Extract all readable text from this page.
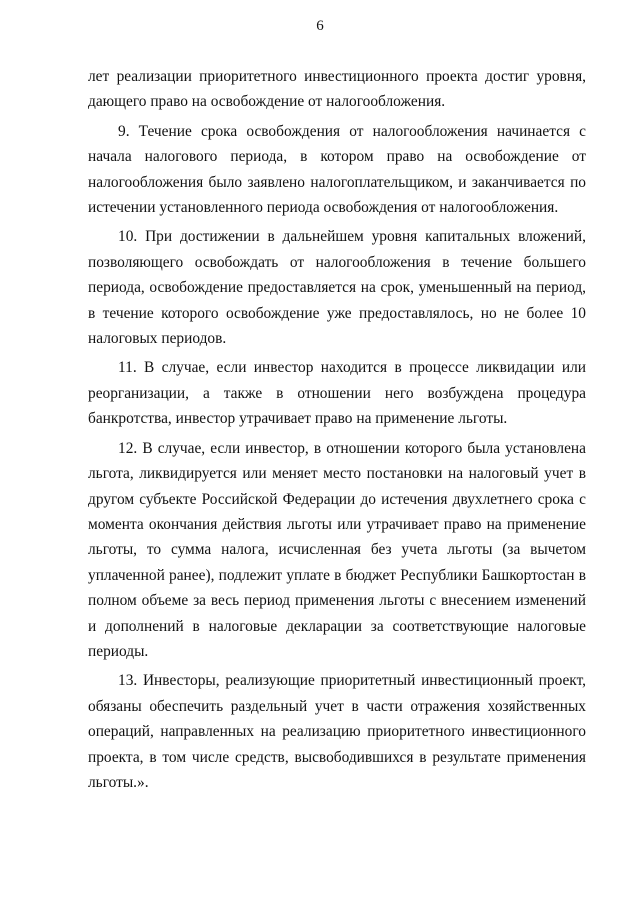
6

лет реализации приоритетного инвестиционного проекта достиг уровня, дающего право на освобождение от налогообложения.

9. Течение срока освобождения от налогообложения начинается с начала налогового периода, в котором право на освобождение от налогообложения было заявлено налогоплательщиком, и заканчивается по истечении установленного периода освобождения от налогообложения.

10. При достижении в дальнейшем уровня капитальных вложений, позволяющего освобождать от налогообложения в течение большего периода, освобождение предоставляется на срок, уменьшенный на период, в течение которого освобождение уже предоставлялось, но не более 10 налоговых периодов.

11. В случае, если инвестор находится в процессе ликвидации или реорганизации, а также в отношении него возбуждена процедура банкротства, инвестор утрачивает право на применение льготы.

12. В случае, если инвестор, в отношении которого была установлена льгота, ликвидируется или меняет место постановки на налоговый учет в другом субъекте Российской Федерации до истечения двухлетнего срока с момента окончания действия льготы или утрачивает право на применение льготы, то сумма налога, исчисленная без учета льготы (за вычетом уплаченной ранее), подлежит уплате в бюджет Республики Башкортостан в полном объеме за весь период применения льготы с внесением изменений и дополнений в налоговые декларации за соответствующие налоговые периоды.

13. Инвесторы, реализующие приоритетный инвестиционный проект, обязаны обеспечить раздельный учет в части отражения хозяйственных операций, направленных на реализацию приоритетного инвестиционного проекта, в том числе средств, высвободившихся в результате применения льготы.».
